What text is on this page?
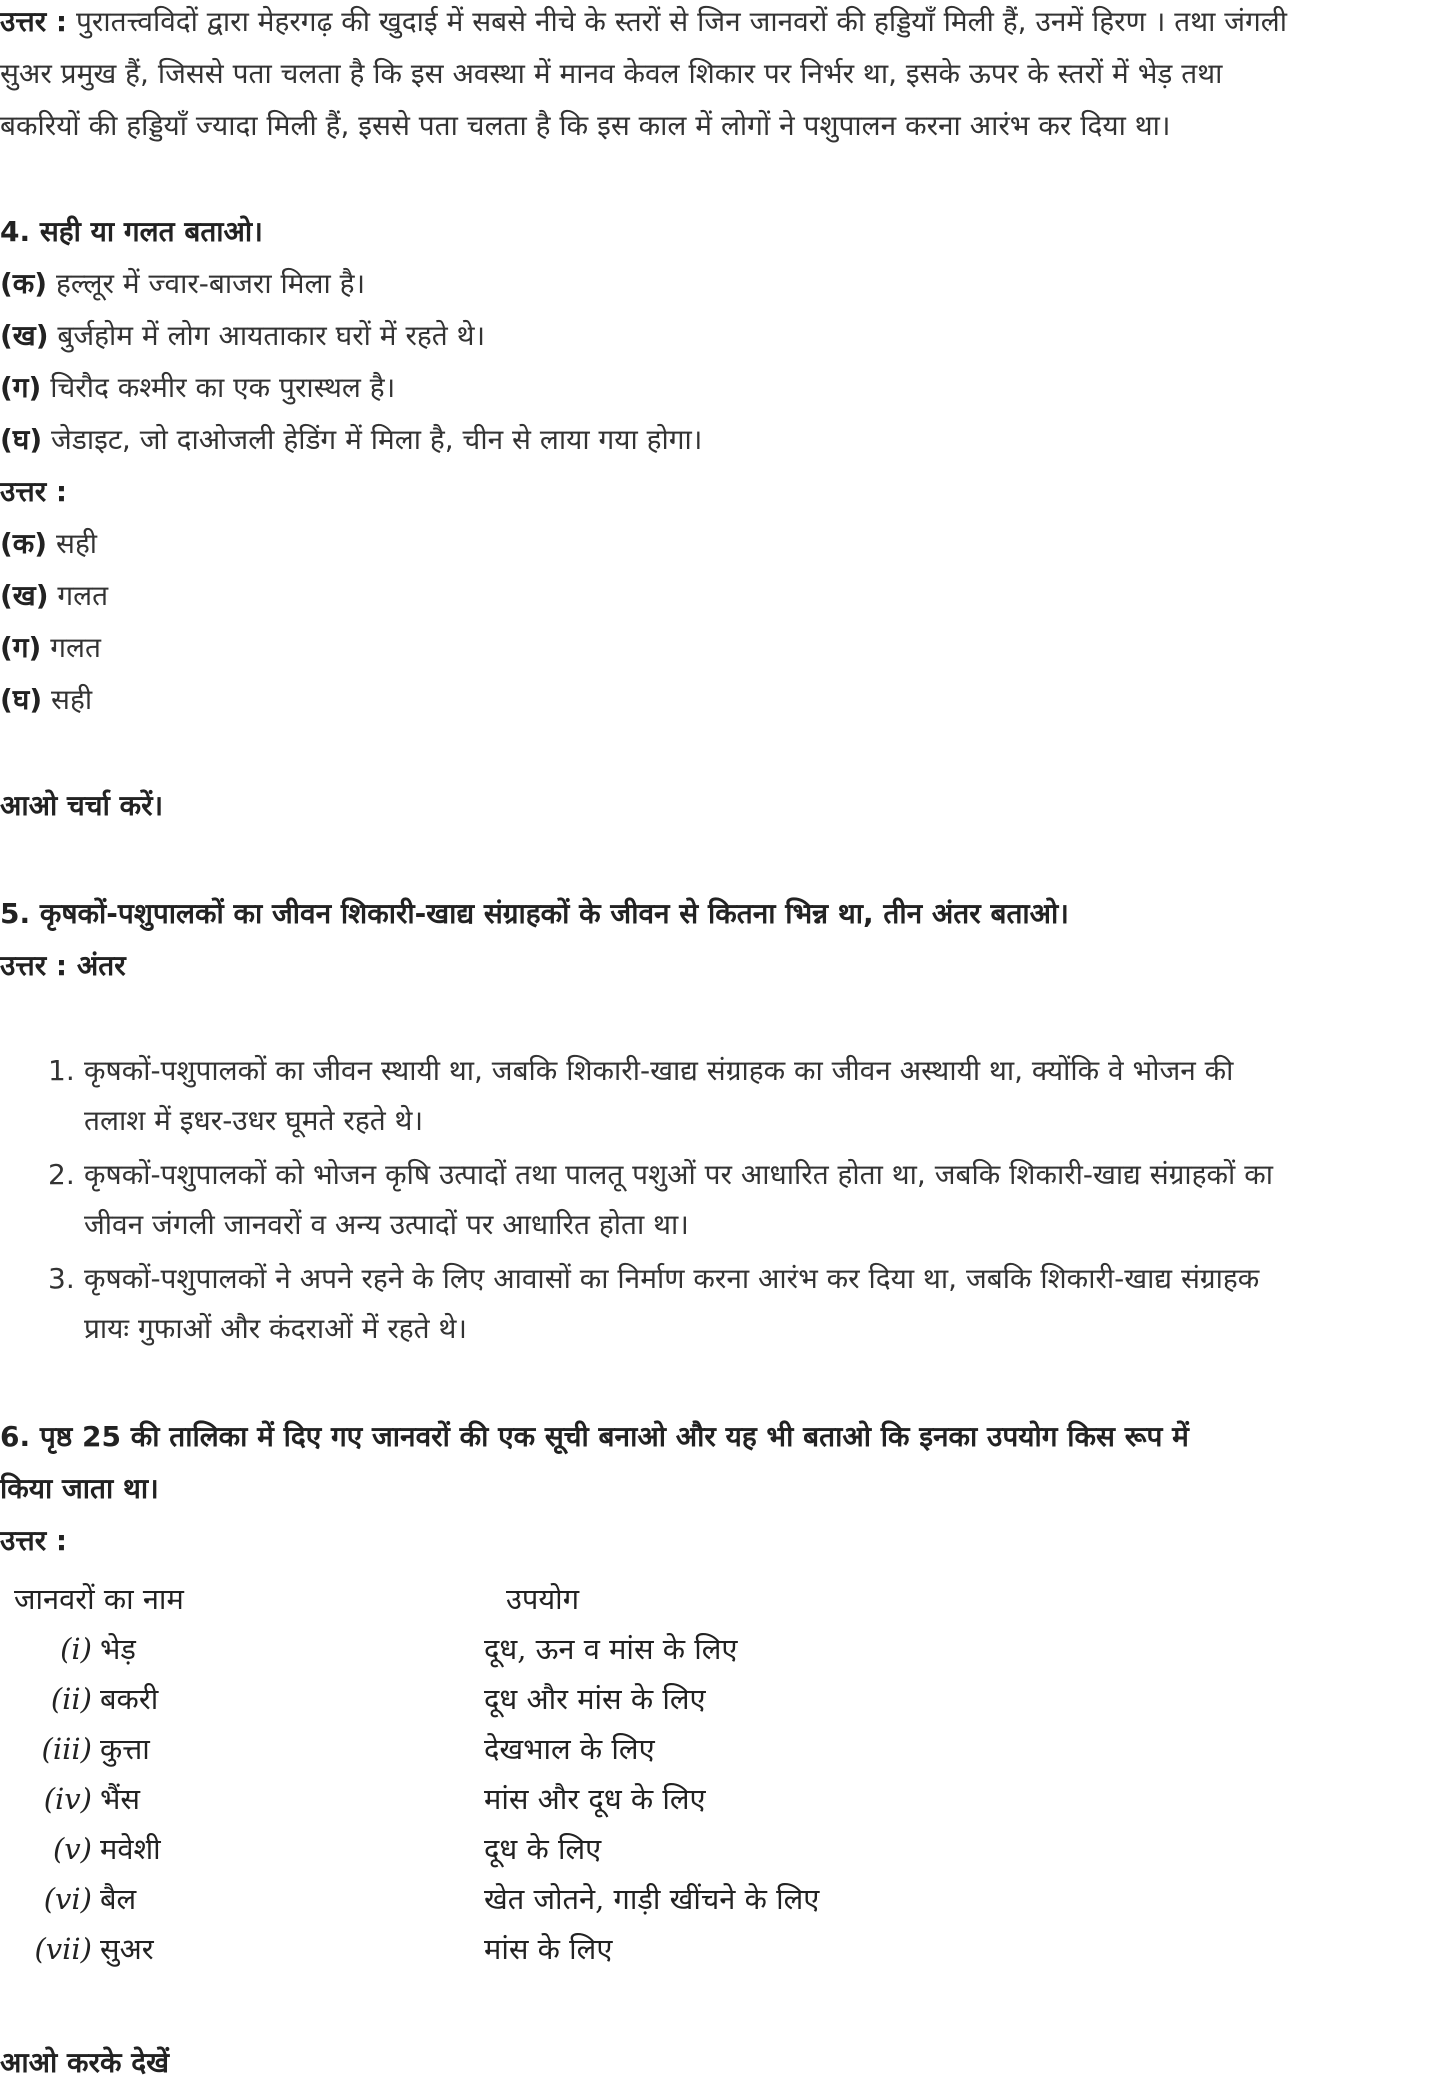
उत्तर : पुरातत्त्वविदों द्वारा मेहरगढ़ की खुदाई में सबसे नीचे के स्तरों से जिन जानवरों की हड्डियाँ मिली हैं, उनमें हिरण । तथा जंगली
सुअर प्रमुख हैं, जिससे पता चलता है कि इस अवस्था में मानव केवल शिकार पर निर्भर था, इसके ऊपर के स्तरों में भेड़ तथा
बकरियों की हड्डियाँ ज्यादा मिली हैं, इससे पता चलता है कि इस काल में लोगों ने पशुपालन करना आरंभ कर दिया था।
4. सही या गलत बताओ।
(क) हल्लूर में ज्वार-बाजरा मिला है।
(ख) बुर्जहोम में लोग आयताकार घरों में रहते थे।
(ग) चिरौद कश्मीर का एक पुरास्थल है।
(घ) जेडाइट, जो दाओजली हेडिंग में मिला है, चीन से लाया गया होगा।
उत्तर :
(क) सही
(ख) गलत
(ग) गलत
(घ) सही
आओ चर्चा करें।
5. कृषकों-पशुपालकों का जीवन शिकारी-खाद्य संग्राहकों के जीवन से कितना भिन्न था, तीन अंतर बताओ।
उत्तर : अंतर
1. कृषकों-पशुपालकों का जीवन स्थायी था, जबकि शिकारी-खाद्य संग्राहक का जीवन अस्थायी था, क्योंकि वे भोजन की
तलाश में इधर-उधर घूमते रहते थे।
2. कृषकों-पशुपालकों को भोजन कृषि उत्पादों तथा पालतू पशुओं पर आधारित होता था, जबकि शिकारी-खाद्य संग्राहकों का
जीवन जंगली जानवरों व अन्य उत्पादों पर आधारित होता था।
3. कृषकों-पशुपालकों ने अपने रहने के लिए आवासों का निर्माण करना आरंभ कर दिया था, जबकि शिकारी-खाद्य संग्राहक
प्रायः गुफाओं और कंदराओं में रहते थे।
6. पृष्ठ 25 की तालिका में दिए गए जानवरों की एक सूची बनाओ और यह भी बताओ कि इनका उपयोग किस रूप में
किया जाता था।
उत्तर :
जानवरों का नाम	उपयोग
(i) भेड़	दूध, ऊन व मांस के लिए
(ii) बकरी	दूध और मांस के लिए
(iii) कुत्ता	देखभाल के लिए
(iv) भैंस	मांस और दूध के लिए
(v) मवेशी	दूध के लिए
(vi) बैल	खेत जोतने, गाड़ी खींचने के लिए
(vii) सुअर	मांस के लिए
आओ करके देखें
